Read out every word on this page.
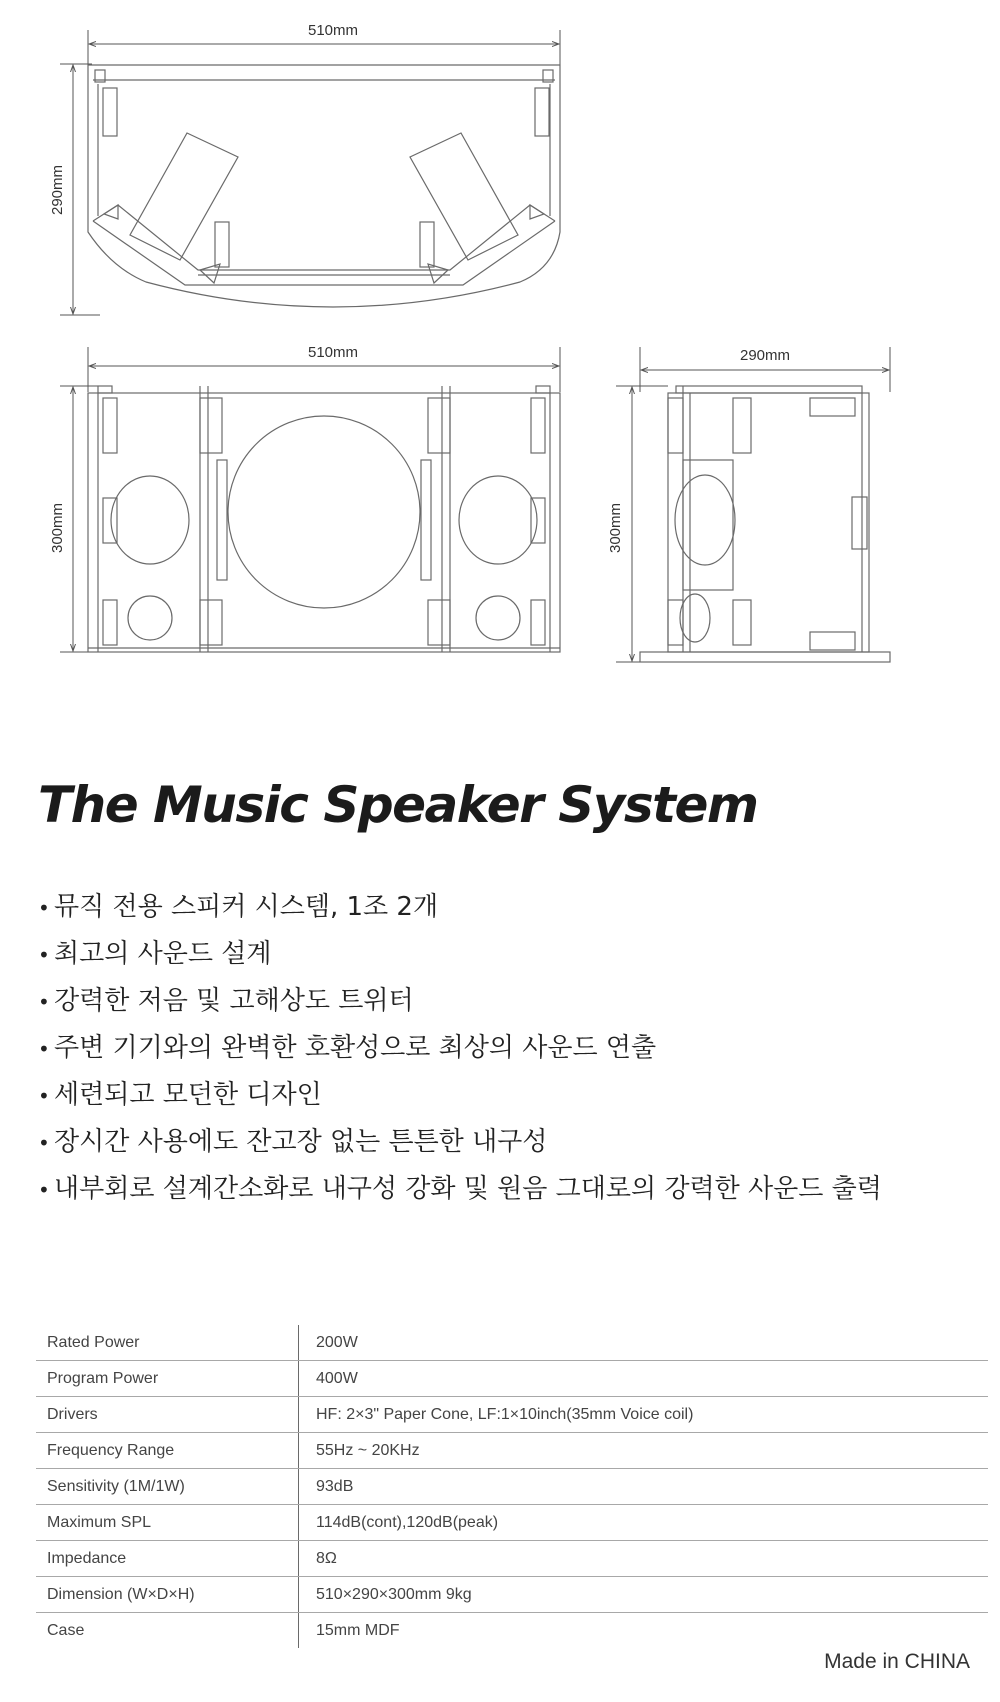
510mm
290mm
510mm
300mm
290mm
300mm
The Music Speaker System
• 뮤직 전용 스피커 시스템, 1조 2개
• 최고의 사운드 설계
• 강력한 저음 및 고해상도 트위터
• 주변 기기와의 완벽한 호환성으로 최상의 사운드 연출
• 세련되고 모던한 디자인
• 장시간 사용에도 잔고장 없는 튼튼한 내구성
• 내부회로 설계간소화로 내구성 강화 및 원음 그대로의 강력한 사운드 출력
Rated Power	200W
Program Power	400W
Drivers	HF: 2×3" Paper Cone, LF:1×10inch(35mm Voice coil)
Frequency Range	55Hz ~ 20KHz
Sensitivity (1M/1W)	93dB
Maximum SPL	114dB(cont),120dB(peak)
Impedance	8Ω
Dimension (W×D×H)	510×290×300mm 9kg
Case	15mm MDF

Made in CHINA
